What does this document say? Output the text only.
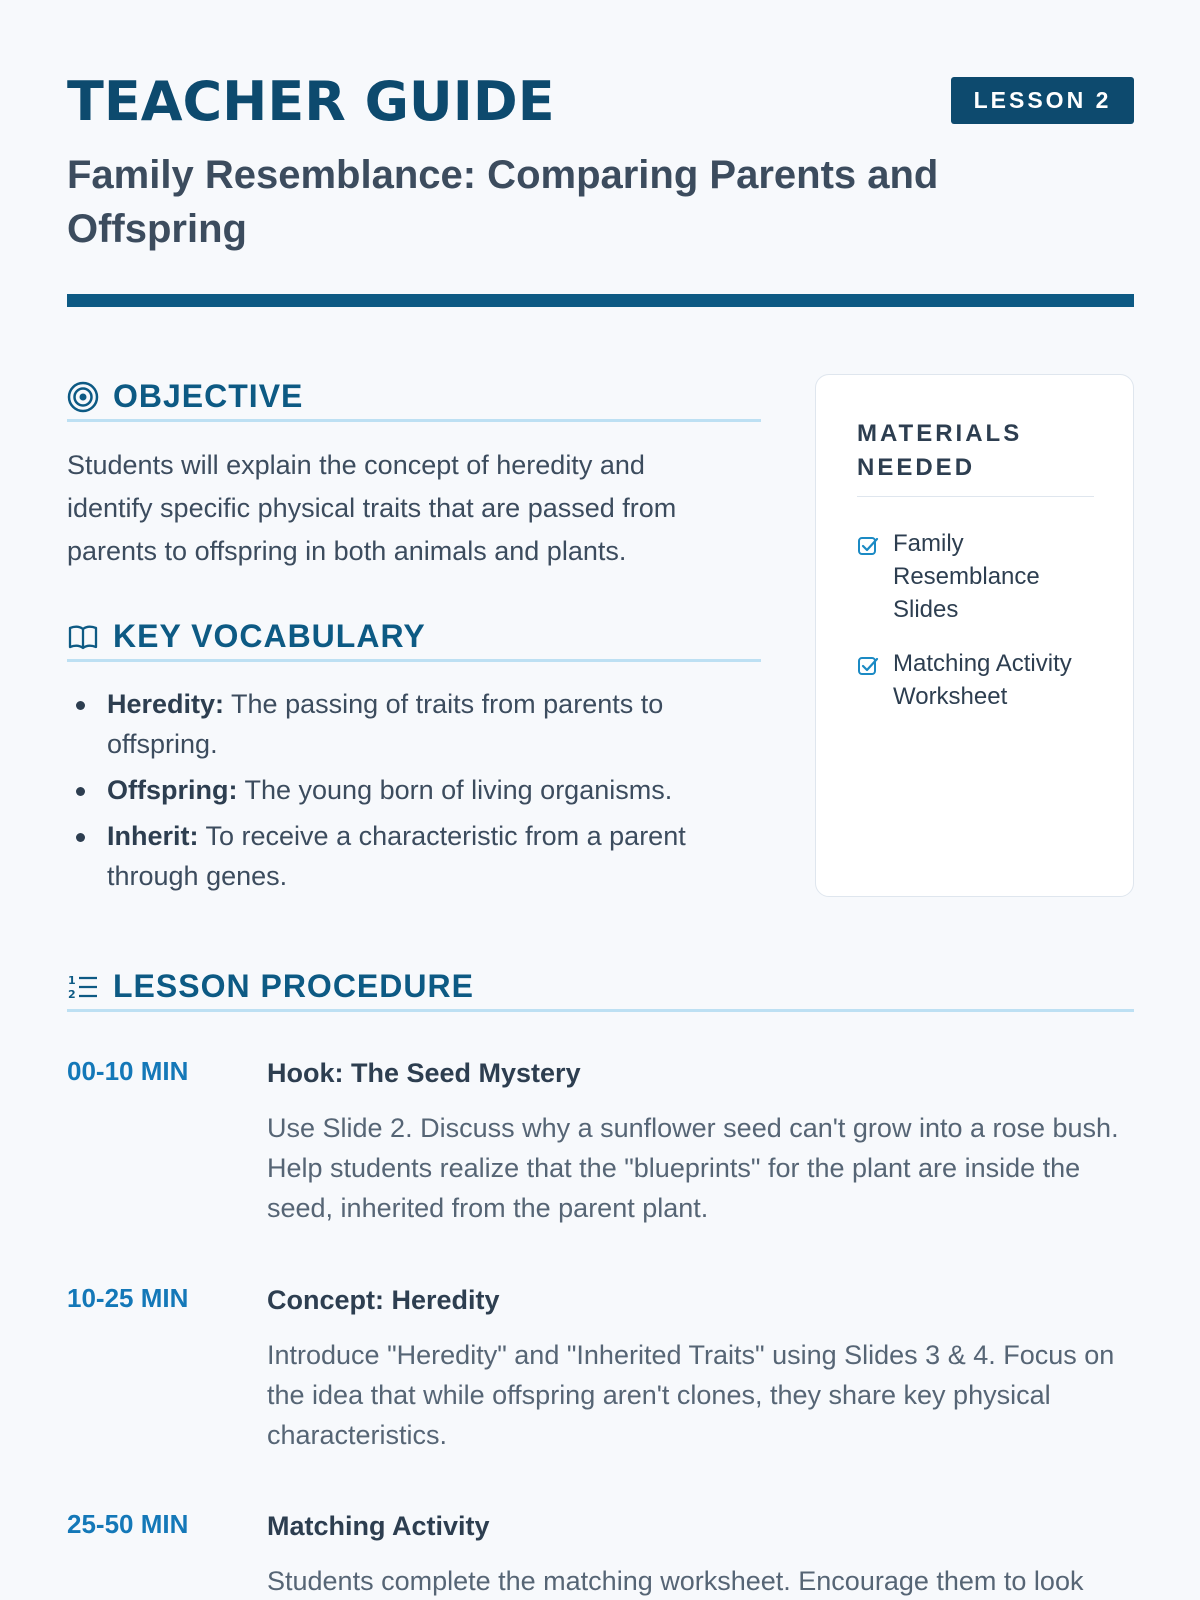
TEACHER GUIDE	LESSON 2
Family Resemblance: Comparing Parents and Offspring
OBJECTIVE
Students will explain the concept of heredity and identify specific physical traits that are passed from parents to offspring in both animals and plants.
KEY VOCABULARY
Heredity: The passing of traits from parents to offspring.
Offspring: The young born of living organisms.
Inherit: To receive a characteristic from a parent through genes.
MATERIALS NEEDED
Family Resemblance Slides
Matching Activity Worksheet
1
2 LESSON PROCEDURE
00-10 MIN	Hook: The Seed Mystery
Use Slide 2. Discuss why a sunflower seed can't grow into a rose bush. Help students realize that the "blueprints" for the plant are inside the seed, inherited from the parent plant.
10-25 MIN	Concept: Heredity
Introduce "Heredity" and "Inherited Traits" using Slides 3 & 4. Focus on the idea that while offspring aren't clones, they share key physical characteristics.
25-50 MIN	Matching Activity
Students complete the matching worksheet. Encourage them to look
